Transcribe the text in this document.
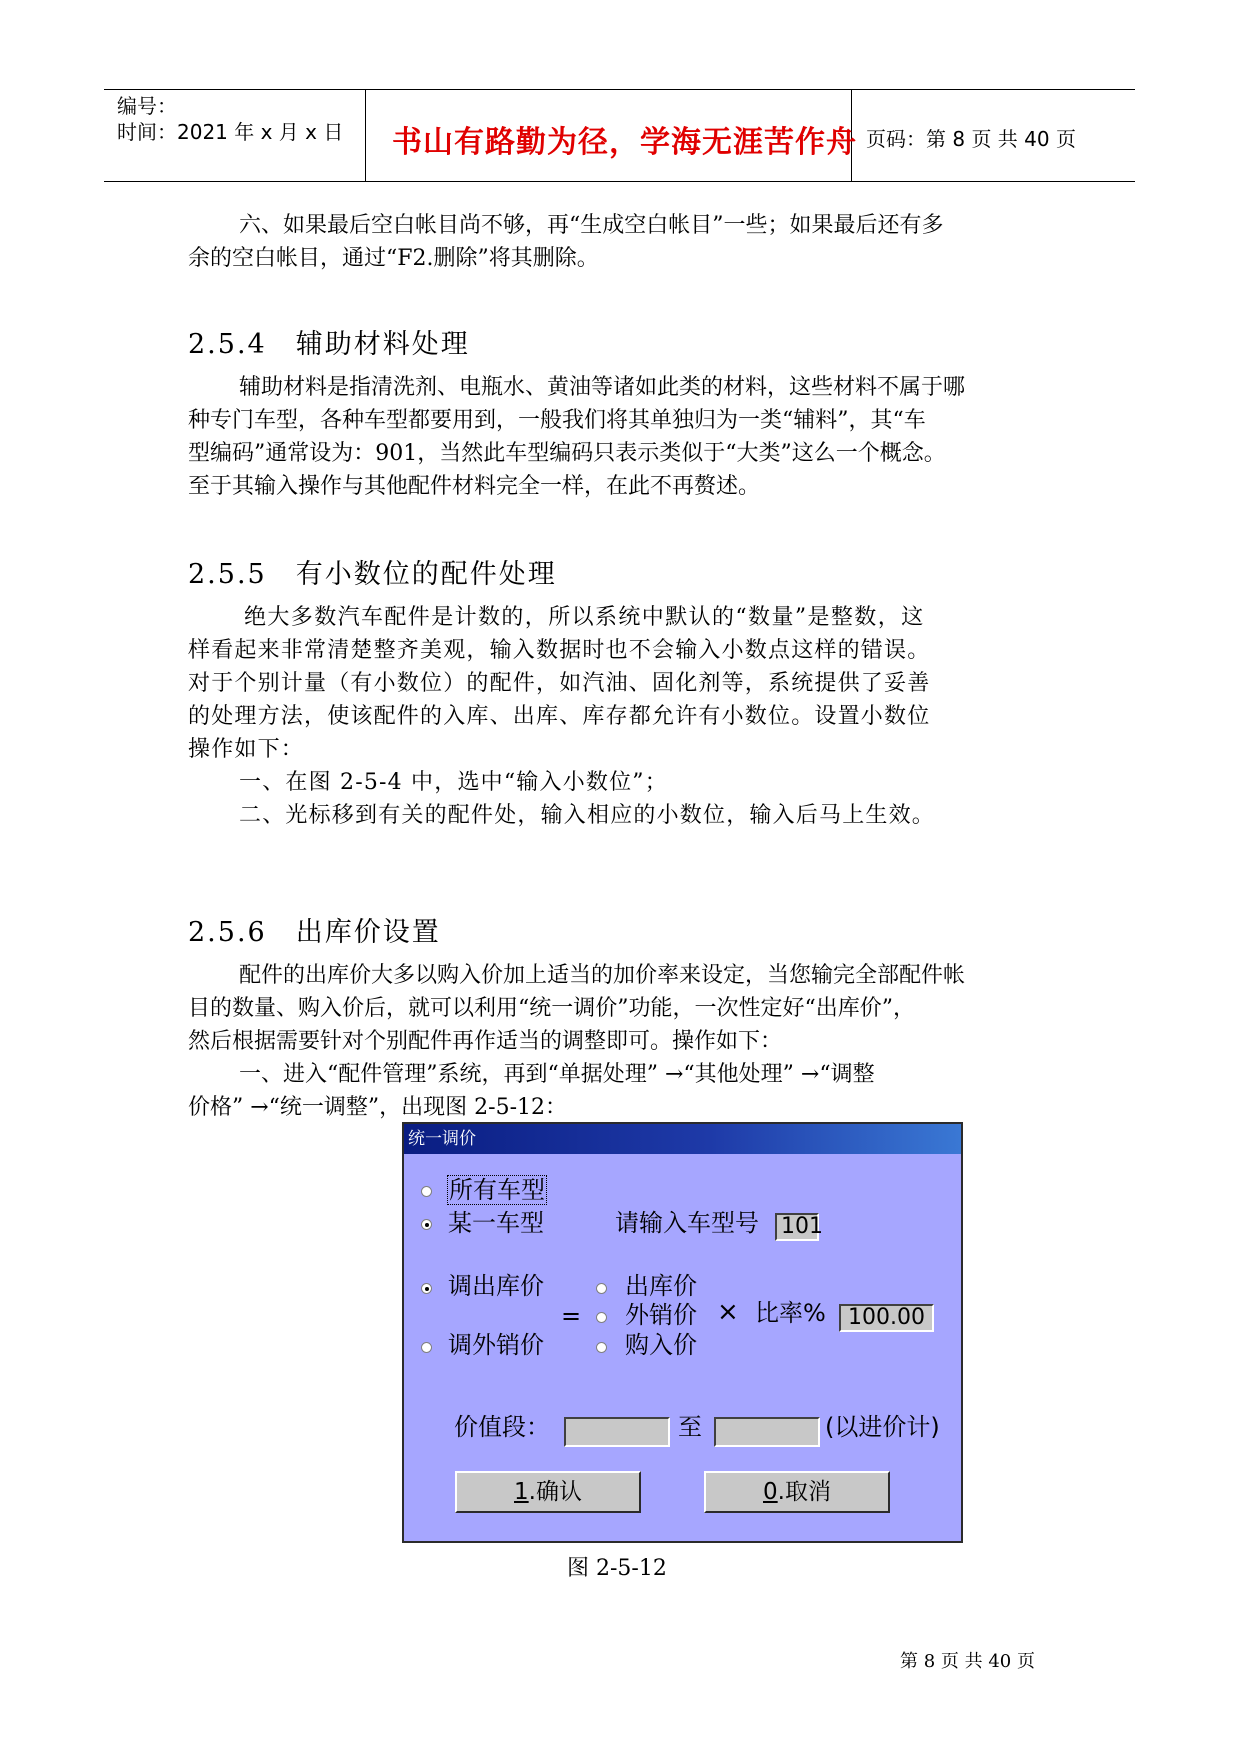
编号：
时间：2021 年 x 月 x 日 书山有路勤为径，学海无涯苦作舟 页码：第 8 页 共 40 页
六、如果最后空白帐目尚不够，再“生成空白帐目”一些；如果最后还有多
余的空白帐目，通过“F2.删除”将其删除。
2.5.4　辅助材料处理
辅助材料是指清洗剂、电瓶水、黄油等诸如此类的材料，这些材料不属于哪
种专门车型，各种车型都要用到，一般我们将其单独归为一类“辅料”，其“车
型编码”通常设为：901，当然此车型编码只表示类似于“大类”这么一个概念。
至于其输入操作与其他配件材料完全一样，在此不再赘述。
2.5.5　有小数位的配件处理
绝大多数汽车配件是计数的，所以系统中默认的“数量”是整数，这
样看起来非常清楚整齐美观，输入数据时也不会输入小数点这样的错误。
对于个别计量（有小数位）的配件，如汽油、固化剂等，系统提供了妥善
的处理方法，使该配件的入库、出库、库存都允许有小数位。设置小数位
操作如下：
一、在图 2-5-4 中，选中“输入小数位”；
二、光标移到有关的配件处，输入相应的小数位，输入后马上生效。
2.5.6　出库价设置
配件的出库价大多以购入价加上适当的加价率来设定，当您输完全部配件帐
目的数量、购入价后，就可以利用“统一调价”功能，一次性定好“出库价”，
然后根据需要针对个别配件再作适当的调整即可。操作如下：
一、进入“配件管理”系统，再到“单据处理” →“其他处理” →“调整
价格” →“统一调整”，出现图 2-5-12：
统一调价
所有车型
某一车型	请输入车型号 101
调出库价
调外销价
=
出库价
外销价
购入价
× 比率%	100.00
价值段：	至	(以进价计)
1.确认	0.取消
图 2-5-12
第 8 页 共 40 页
